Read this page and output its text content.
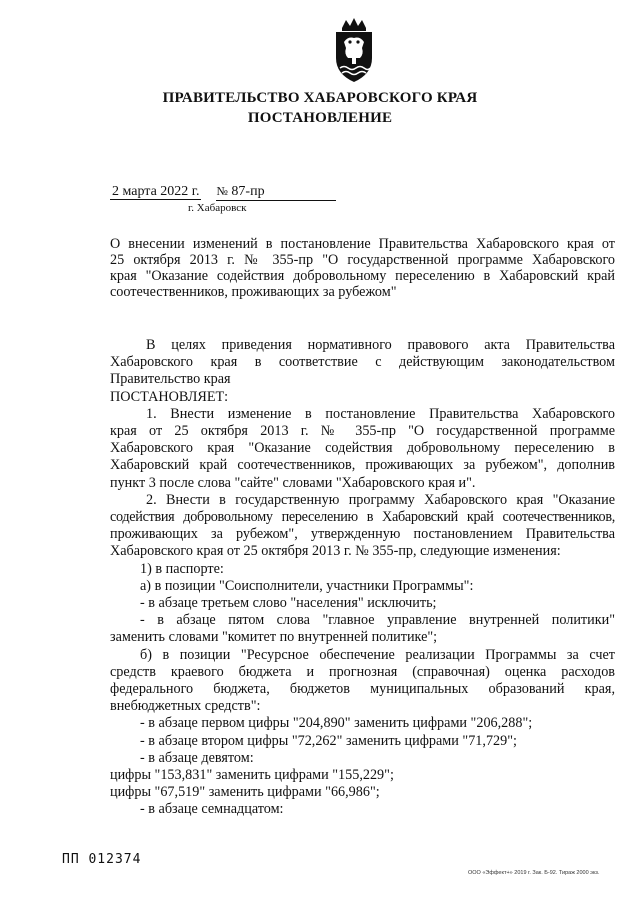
ПРАВИТЕЛЬСТВО ХАБАРОВСКОГО КРАЯ
ПОСТАНОВЛЕНИЕ
2 марта 2022 г. № 87-пр
г. Хабаровск
О внесении изменений в постановление Правительства Хабаровского края от
25 октября 2013 г. № 355-пр "О государственной программе Хабаровского
края "Оказание содействия добровольному переселению в Хабаровский край
соотечественников, проживающих за рубежом"
В целях приведения нормативного правового акта Правительства
Хабаровского края в соответствие с действующим законодательством
Правительство края
ПОСТАНОВЛЯЕТ:
1. Внести изменение в постановление Правительства Хабаровского
края от 25 октября 2013 г. № 355-пр "О государственной программе
Хабаровского края "Оказание содействия добровольному переселению в
Хабаровский край соотечественников, проживающих за рубежом", дополнив
пункт 3 после слова "сайте" словами "Хабаровского края и".
2. Внести в государственную программу Хабаровского края "Оказание
содействия добровольному переселению в Хабаровский край соотечественников,
проживающих за рубежом", утвержденную постановлением Правительства
Хабаровского края от 25 октября 2013 г. № 355-пр, следующие изменения:
1) в паспорте:
а) в позиции "Соисполнители, участники Программы":
- в абзаце третьем слово "населения" исключить;
- в абзаце пятом слова "главное управление внутренней политики"
заменить словами "комитет по внутренней политике";
б) в позиции "Ресурсное обеспечение реализации Программы за счет
средств краевого бюджета и прогнозная (справочная) оценка расходов
федерального бюджета, бюджетов муниципальных образований края,
внебюджетных средств":
- в абзаце первом цифры "204,890" заменить цифрами "206,288";
- в абзаце втором цифры "72,262" заменить цифрами "71,729";
- в абзаце девятом:
цифры "153,831" заменить цифрами "155,229";
цифры "67,519" заменить цифрами "66,986";
- в абзаце семнадцатом:
ПП 012374
ООО «Эффект+» 2019 г. Зак. Б-92. Тираж 2000 экз.
